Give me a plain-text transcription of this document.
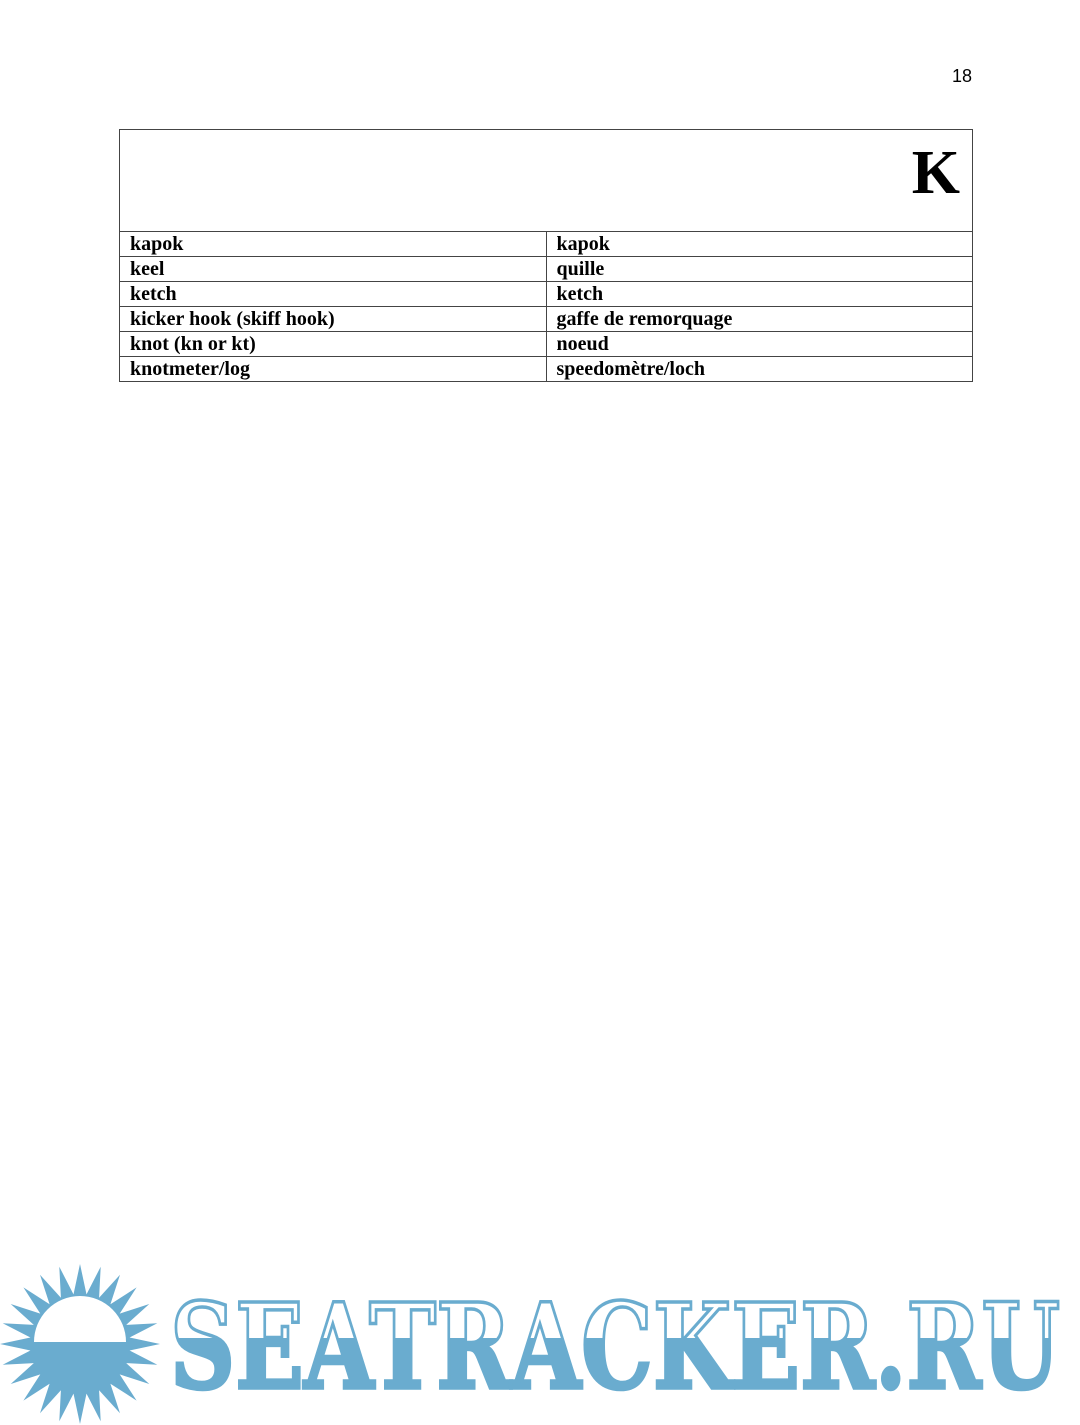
18
K	
kapok	kapok
keel	quille
ketch	ketch
kicker hook (skiff hook)	gaffe de remorquage
knot (kn or kt)	noeud
knotmeter/log	speedomètre/loch
SEATRACKER.RU
